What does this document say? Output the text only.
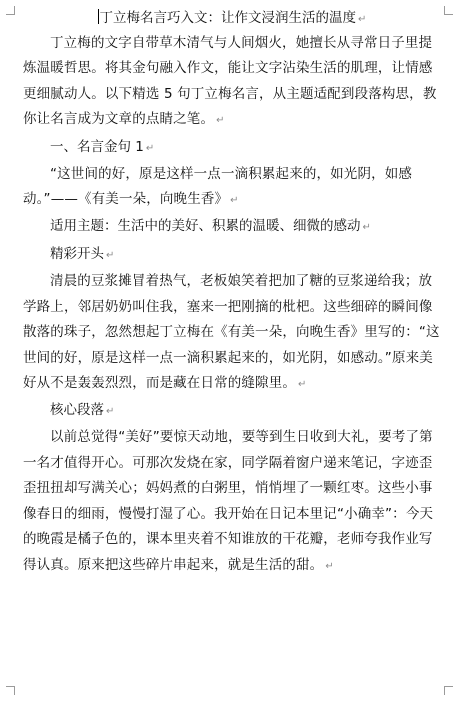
丁立梅名言巧入文：让作文浸润生活的温度 ↵

丁立梅的文字自带草木清气与人间烟火，她擅长从寻常日子里提炼温暖哲思。将其金句融入作文，能让文字沾染生活的肌理，让情感更细腻动人。以下精选 5 句丁立梅名言，从主题适配到段落构思，教你让名言成为文章的点睛之笔。 ↵

一、名言金句 1 ↵

“这世间的好，原是这样一点一滴积累起来的，如光阴，如感动。”——《有美一朵，向晚生香》 ↵

适用主题：生活中的美好、积累的温暖、细微的感动 ↵

精彩开头 ↵

清晨的豆浆摊冒着热气，老板娘笑着把加了糖的豆浆递给我；放学路上，邻居奶奶叫住我，塞来一把刚摘的枇杷。这些细碎的瞬间像散落的珠子，忽然想起丁立梅在《有美一朵，向晚生香》里写的：“这世间的好，原是这样一点一滴积累起来的，如光阴，如感动。”原来美好从不是轰轰烈烈，而是藏在日常的缝隙里。 ↵

核心段落 ↵

以前总觉得“美好”要惊天动地，要等到生日收到大礼，要考了第一名才值得开心。可那次发烧在家，同学隔着窗户递来笔记，字迹歪歪扭扭却写满关心；妈妈煮的白粥里，悄悄埋了一颗红枣。这些小事像春日的细雨，慢慢打湿了心。我开始在日记本里记“小确幸”：今天的晚霞是橘子色的，课本里夹着不知谁放的干花瓣，老师夸我作业写得认真。原来把这些碎片串起来，就是生活的甜。 ↵
